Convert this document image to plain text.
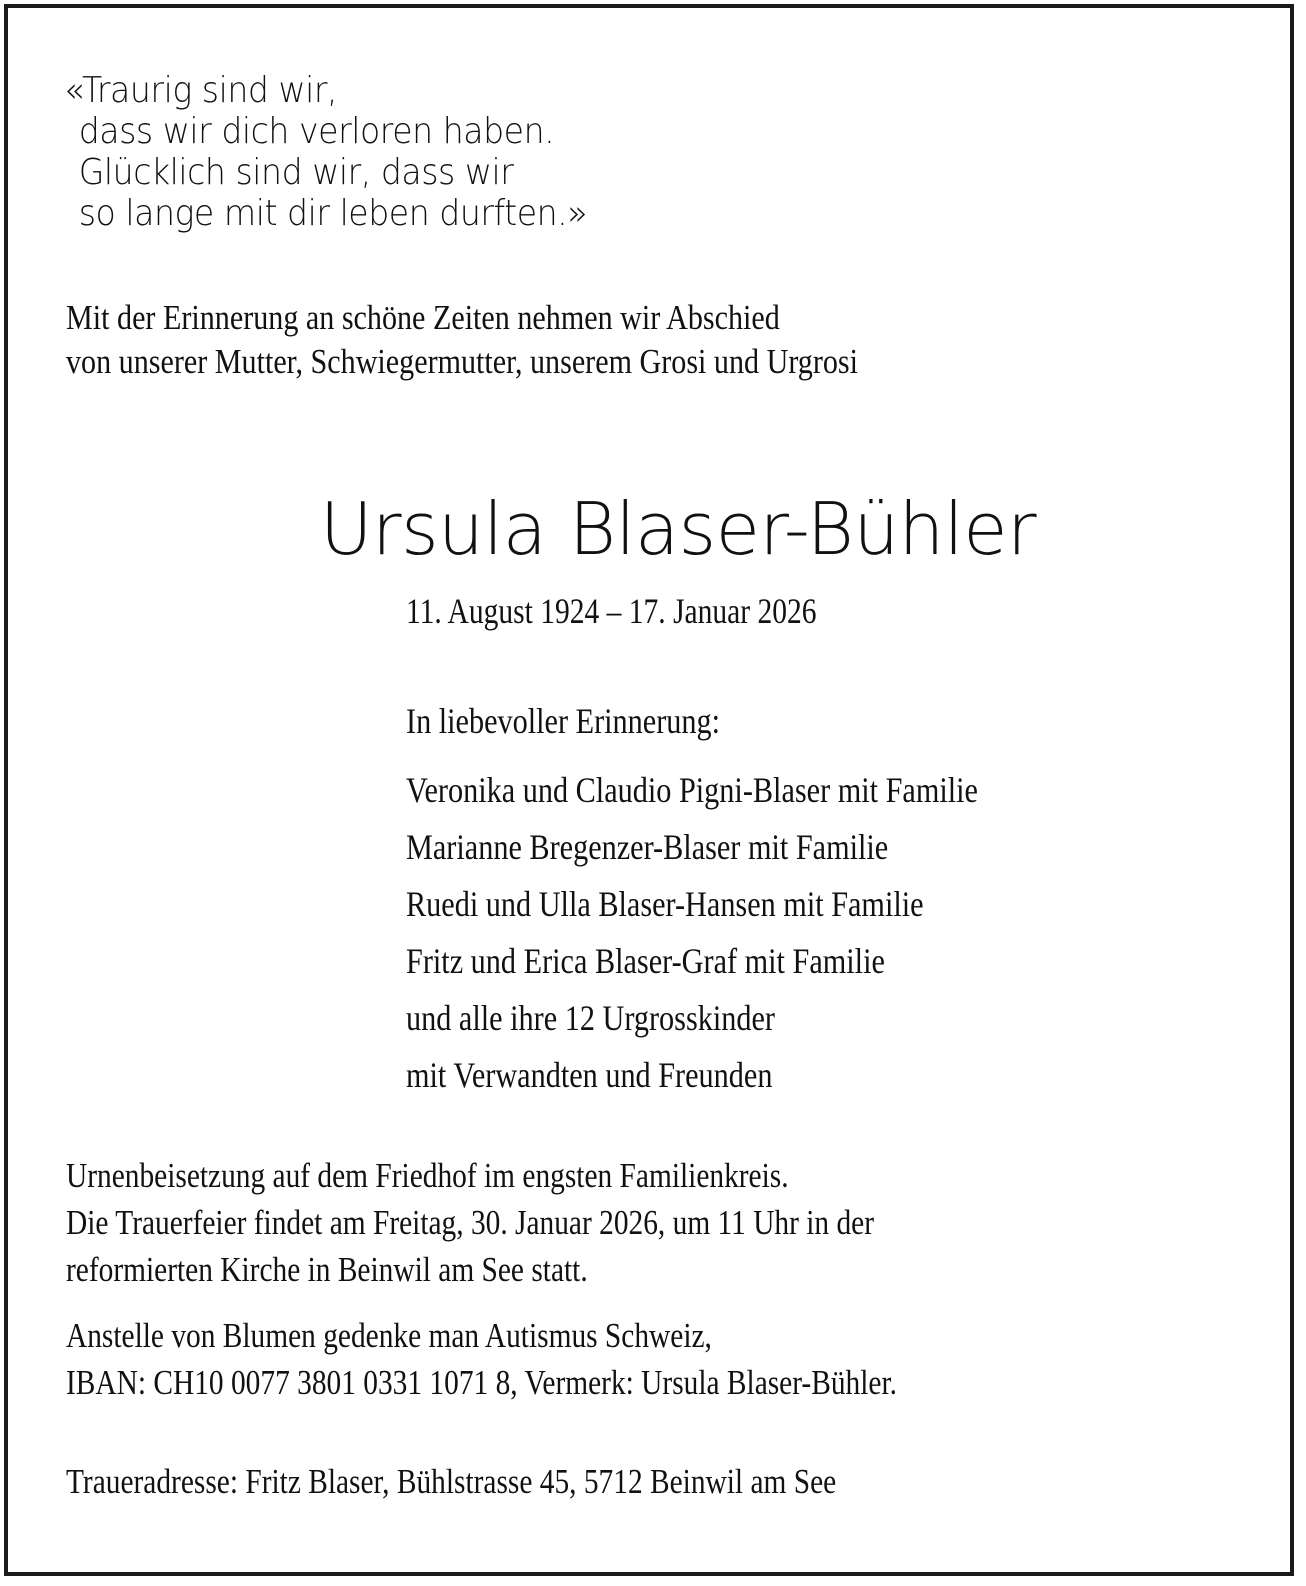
«Traurig sind wir,
dass wir dich verloren haben.
Glücklich sind wir, dass wir
so lange mit dir leben durften.»
Mit der Erinnerung an schöne Zeiten nehmen wir Abschied
von unserer Mutter, Schwiegermutter, unserem Grosi und Urgrosi
Ursula Blaser-Bühler
11. August 1924 – 17. Januar 2026
In liebevoller Erinnerung:
Veronika und Claudio Pigni-Blaser mit Familie
Marianne Bregenzer-Blaser mit Familie
Ruedi und Ulla Blaser-Hansen mit Familie
Fritz und Erica Blaser-Graf mit Familie
und alle ihre 12 Urgrosskinder
mit Verwandten und Freunden
Urnenbeisetzung auf dem Friedhof im engsten Familienkreis.
Die Trauerfeier findet am Freitag, 30. Januar 2026, um 11 Uhr in der
reformierten Kirche in Beinwil am See statt.
Anstelle von Blumen gedenke man Autismus Schweiz,
IBAN: CH10 0077 3801 0331 1071 8, Vermerk: Ursula Blaser-Bühler.
Traueradresse: Fritz Blaser, Bühlstrasse 45, 5712 Beinwil am See
